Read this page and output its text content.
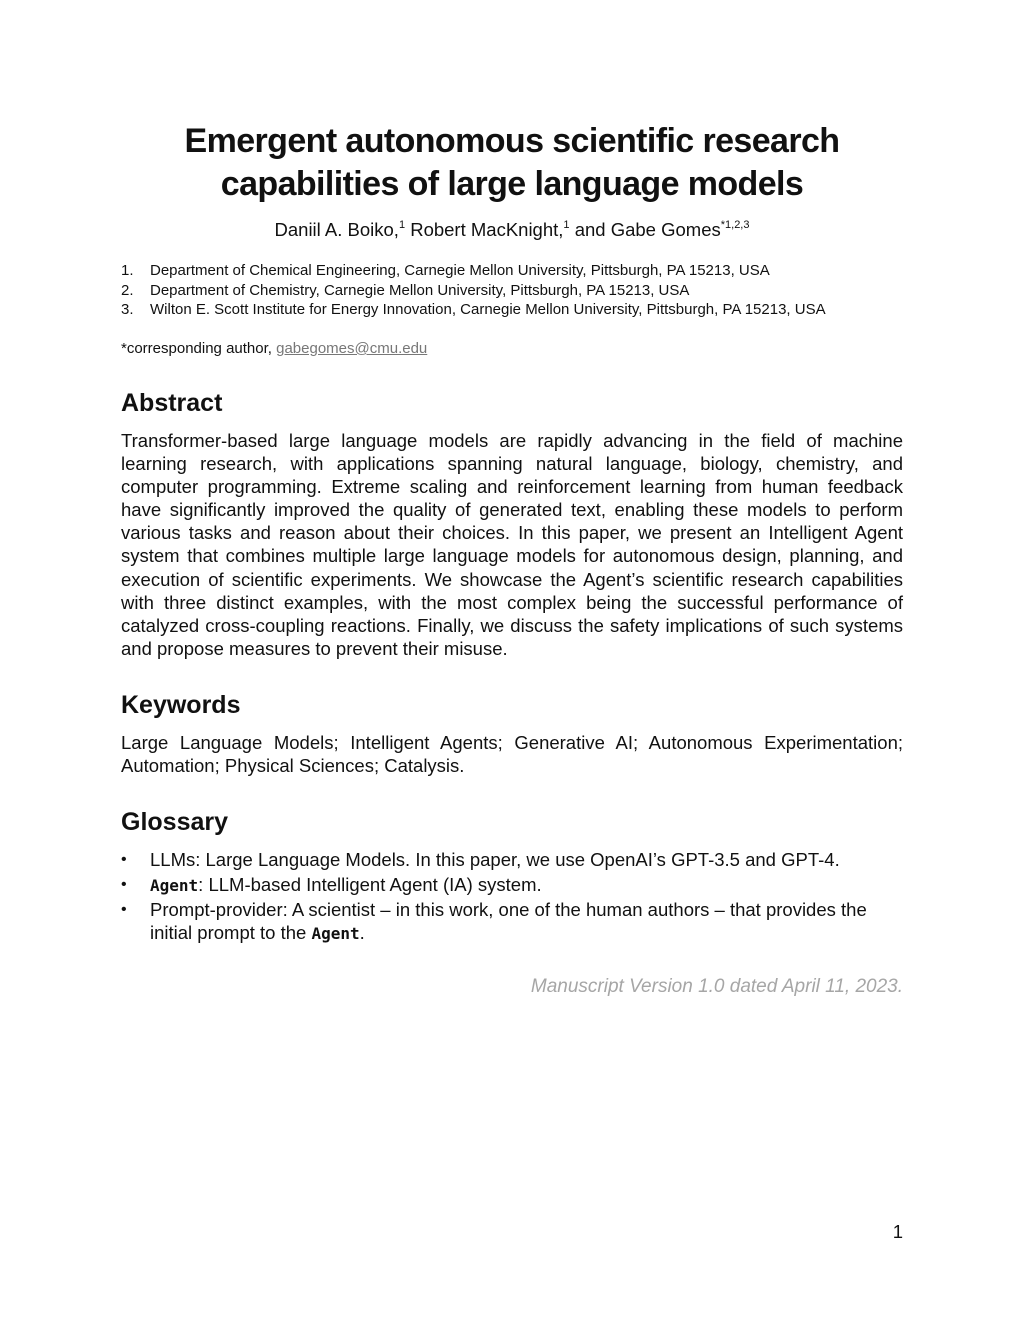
Emergent autonomous scientific research
capabilities of large language models
Daniil A. Boiko,$^1$ Robert MacKnight,$^1$ and Gabe Gomes$^{*1,2,3}$
1. Department of Chemical Engineering, Carnegie Mellon University, Pittsburgh, PA 15213, USA
2. Department of Chemistry, Carnegie Mellon University, Pittsburgh, PA 15213, USA
3. Wilton E. Scott Institute for Energy Innovation, Carnegie Mellon University, Pittsburgh, PA 15213, USA
*corresponding author, gabegomes@cmu.edu
Abstract

Transformer-based large language models are rapidly advancing in the field of machine learning research, with applications spanning natural language, biology, chemistry, and computer programming. Extreme scaling and reinforcement learning from human feedback have significantly improved the quality of generated text, enabling these models to perform various tasks and reason about their choices. In this paper, we present an Intelligent Agent system that combines multiple large language models for autonomous design, planning, and execution of scientific experiments. We showcase the Agent’s scientific research capabilities with three distinct examples, with the most complex being the successful performance of catalyzed cross-coupling reactions. Finally, we discuss the safety implications of such systems and propose measures to prevent their misuse.

Keywords

Large Language Models; Intelligent Agents; Generative AI; Autonomous Experimentation; Automation; Physical Sciences; Catalysis.

Glossary
• LLMs: Large Language Models. In this paper, we use OpenAI’s GPT-3.5 and GPT-4.
• Agent: LLM-based Intelligent Agent (IA) system.
• Prompt-provider: A scientist – in this work, one of the human authors – that provides the initial prompt to the Agent.
Manuscript Version 1.0 dated April 11, 2023.
1
